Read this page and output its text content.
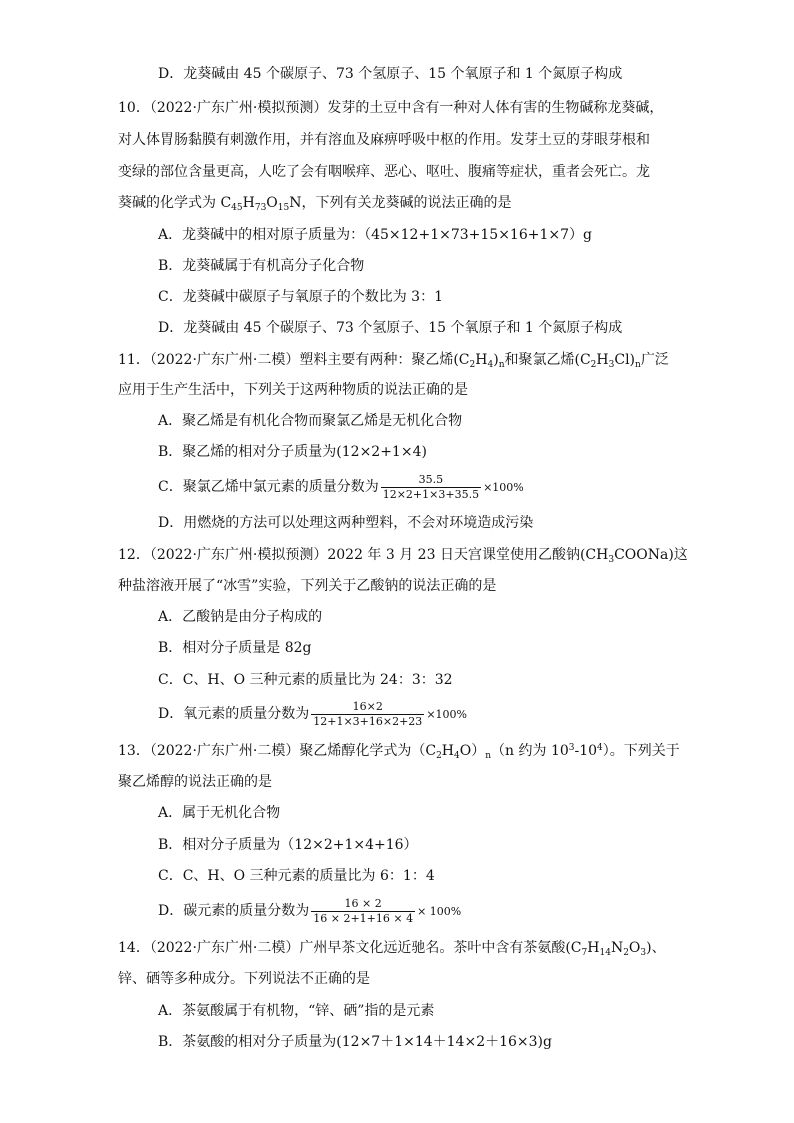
D．龙葵碱由 45 个碳原子、73 个氢原子、15 个氧原子和 1 个氮原子构成
10．（2022·广东广州·模拟预测）发芽的土豆中含有一种对人体有害的生物碱称龙葵碱，
对人体胃肠黏膜有刺激作用，并有溶血及麻痹呼吸中枢的作用。发芽土豆的芽眼芽根和
变绿的部位含量更高，人吃了会有咽喉痒、恶心、呕吐、腹痛等症状，重者会死亡。龙
葵碱的化学式为 $C_{45}H_{73}O_{15}N$，下列有关龙葵碱的说法正确的是
A．龙葵碱中的相对原子质量为：（45×12+1×73+15×16+1×7）g
B．龙葵碱属于有机高分子化合物
C．龙葵碱中碳原子与氧原子的个数比为 3：1
D．龙葵碱由 45 个碳原子、73 个氢原子、15 个氧原子和 1 个氮原子构成
11．（2022·广东广州·二模）塑料主要有两种：聚乙烯$(C_2H_4)_n$和聚氯乙烯$(C_2H_3Cl)_n$广泛
应用于生产生活中，下列关于这两种物质的说法正确的是
A．聚乙烯是有机化合物而聚氯乙烯是无机化合物
B．聚乙烯的相对分子质量为(12×2+1×4)
C．聚氯乙烯中氯元素的质量分数为 $\frac{35.5}{12\times 2+1\times 3+35.5} \times 100\%$
D．用燃烧的方法可以处理这两种塑料，不会对环境造成污染
12．（2022·广东广州·模拟预测）2022 年 3 月 23 日天宫课堂使用乙酸钠$(CH_3COONa)$这
种盐溶液开展了“冰雪”实验，下列关于乙酸钠的说法正确的是
A．乙酸钠是由分子构成的
B．相对分子质量是 82g
C．C、H、O 三种元素的质量比为 24：3：32
D．氧元素的质量分数为 $\frac{16\times 2}{12+1\times 3+16\times 2+23} \times 100\%$
13．（2022·广东广州·二模）聚乙烯醇化学式为$(C_2H_4O)_n(n$ 约为 $10^3-10^4$）。下列关于
聚乙烯醇的说法正确的是
A．属于无机化合物
B．相对分子质量为（12×2+1×4+16）
C．C、H、O 三种元素的质量比为 6：1：4
D．碳元素的质量分数为 $\frac{16 \times 2}{16 \times 2+1+16 \times 4} \times 100\%$
14．（2022·广东广州·二模）广州早茶文化远近驰名。茶叶中含有茶氨酸$(C_7H_{14}N_2O_3)$、
锌、硒等多种成分。下列说法不正确的是
A．茶氨酸属于有机物，“锌、硒”指的是元素
B．茶氨酸的相对分子质量为(12×7＋1×14＋14×2＋16×3)g
